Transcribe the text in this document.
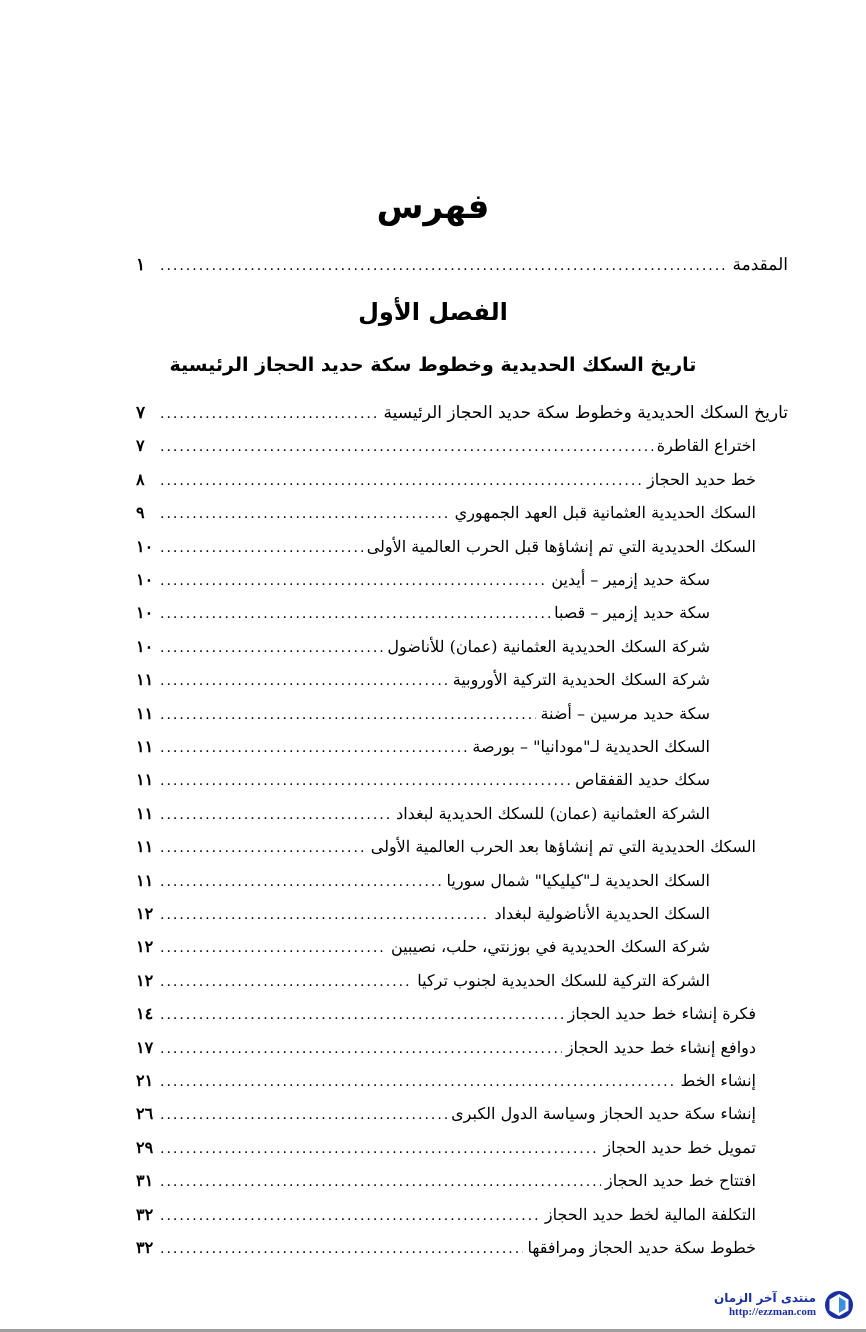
فهرس
المقدمة
.....
١
الفصل الأول
تاريخ السكك الحديدية وخطوط سكة حديد الحجاز الرئيسية
تاريخ السكك الحديدية وخطوط سكة حديد الحجاز الرئيسية
.....
٧
اختراع القاطرة
.....
٧
خط حديد الحجاز
.....
٨
السكك الحديدية العثمانية قبل العهد الجمهوري
.....
٩
السكك الحديدية التي تم إنشاؤها قبل الحرب العالمية الأولى
.....
١٠
سكة حديد إزمير – أيدين
.....
١٠
سكة حديد إزمير – قصبا
.....
١٠
شركة السكك الحديدية العثمانية (عمان) للأناضول
.....
١٠
شركة السكك الحديدية التركية الأوروبية
.....
١١
سكة حديد مرسين – أضنة
.....
١١
السكك الحديدية لـ"مودانيا" – بورصة
.....
١١
سكك حديد القفقاص
.....
١١
الشركة العثمانية (عمان) للسكك الحديدية لبغداد
.....
١١
السكك الحديدية التي تم إنشاؤها بعد الحرب العالمية الأولى
.....
١١
السكك الحديدية لـ"كيليكيا" شمال سوريا
.....
١١
السكك الحديدية الأناضولية لبغداد
.....
١٢
شركة السكك الحديدية في بوزنتي، حلب، نصيبين
.....
١٢
الشركة التركية للسكك الحديدية لجنوب تركيا
.....
١٢
فكرة إنشاء خط حديد الحجاز
.....
١٤
دوافع إنشاء خط حديد الحجاز
.....
١٧
إنشاء الخط
.....
٢١
إنشاء سكة حديد الحجاز وسياسة الدول الكبرى
.....
٢٦
تمويل خط حديد الحجاز
.....
٢٩
افتتاح خط حديد الحجاز
.....
٣١
التكلفة المالية لخط حديد الحجاز
.....
٣٢
خطوط سكة حديد الحجاز ومرافقها
.....
٣٢
منتدى آخر الزمان
http://ezzman.com
